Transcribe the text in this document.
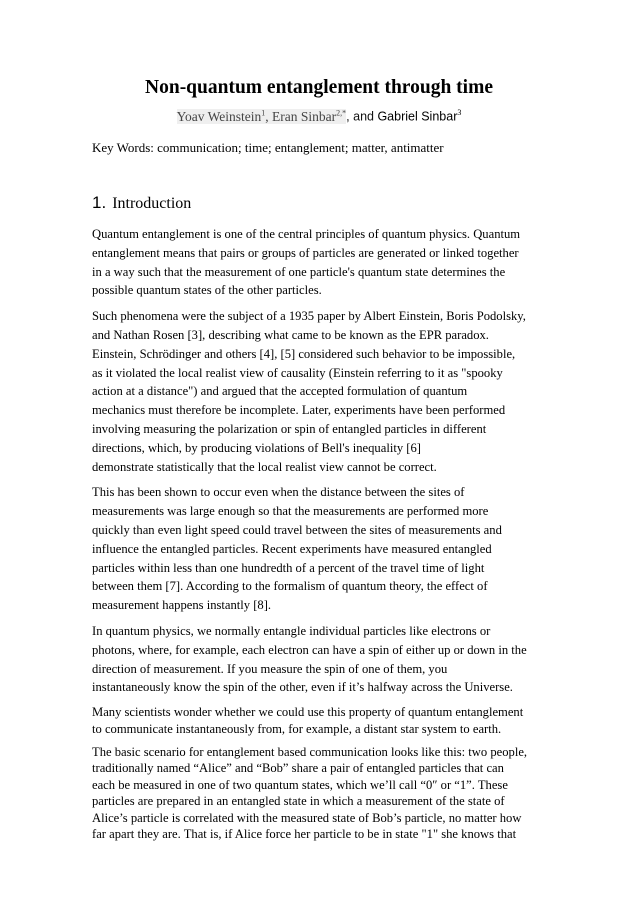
Non-quantum entanglement through time
Yoav Weinstein$^1$, Eran Sinbar$^{2,*}$, and Gabriel Sinbar$^3$
Key Words: communication; time; entanglement; matter, antimatter
1. Introduction

Quantum entanglement is one of the central principles of quantum physics. Quantum
entanglement means that pairs or groups of particles are generated or linked together
in a way such that the measurement of one particle's quantum state determines the
possible quantum states of the other particles.

Such phenomena were the subject of a 1935 paper by Albert Einstein, Boris Podolsky,
and Nathan Rosen [3], describing what came to be known as the EPR paradox.
Einstein, Schrödinger and others [4], [5] considered such behavior to be impossible,
as it violated the local realist view of causality (Einstein referring to it as "spooky
action at a distance") and argued that the accepted formulation of quantum
mechanics must therefore be incomplete. Later, experiments have been performed
involving measuring the polarization or spin of entangled particles in different
directions, which, by producing violations of Bell's inequality [6]
demonstrate statistically that the local realist view cannot be correct.

This has been shown to occur even when the distance between the sites of
measurements was large enough so that the measurements are performed more
quickly than even light speed could travel between the sites of measurements and
influence the entangled particles. Recent experiments have measured entangled
particles within less than one hundredth of a percent of the travel time of light
between them [7]. According to the formalism of quantum theory, the effect of
measurement happens instantly [8].

In quantum physics, we normally entangle individual particles like electrons or
photons, where, for example, each electron can have a spin of either up or down in the
direction of measurement. If you measure the spin of one of them, you
instantaneously know the spin of the other, even if it’s halfway across the Universe.

Many scientists wonder whether we could use this property of quantum entanglement
to communicate instantaneously from, for example, a distant star system to earth.

The basic scenario for entanglement based communication looks like this: two people,
traditionally named “Alice” and “Bob” share a pair of entangled particles that can
each be measured in one of two quantum states, which we’ll call “0″ or “1”. These
particles are prepared in an entangled state in which a measurement of the state of
Alice’s particle is correlated with the measured state of Bob’s particle, no matter how
far apart they are. That is, if Alice force her particle to be in state "1" she knows that
